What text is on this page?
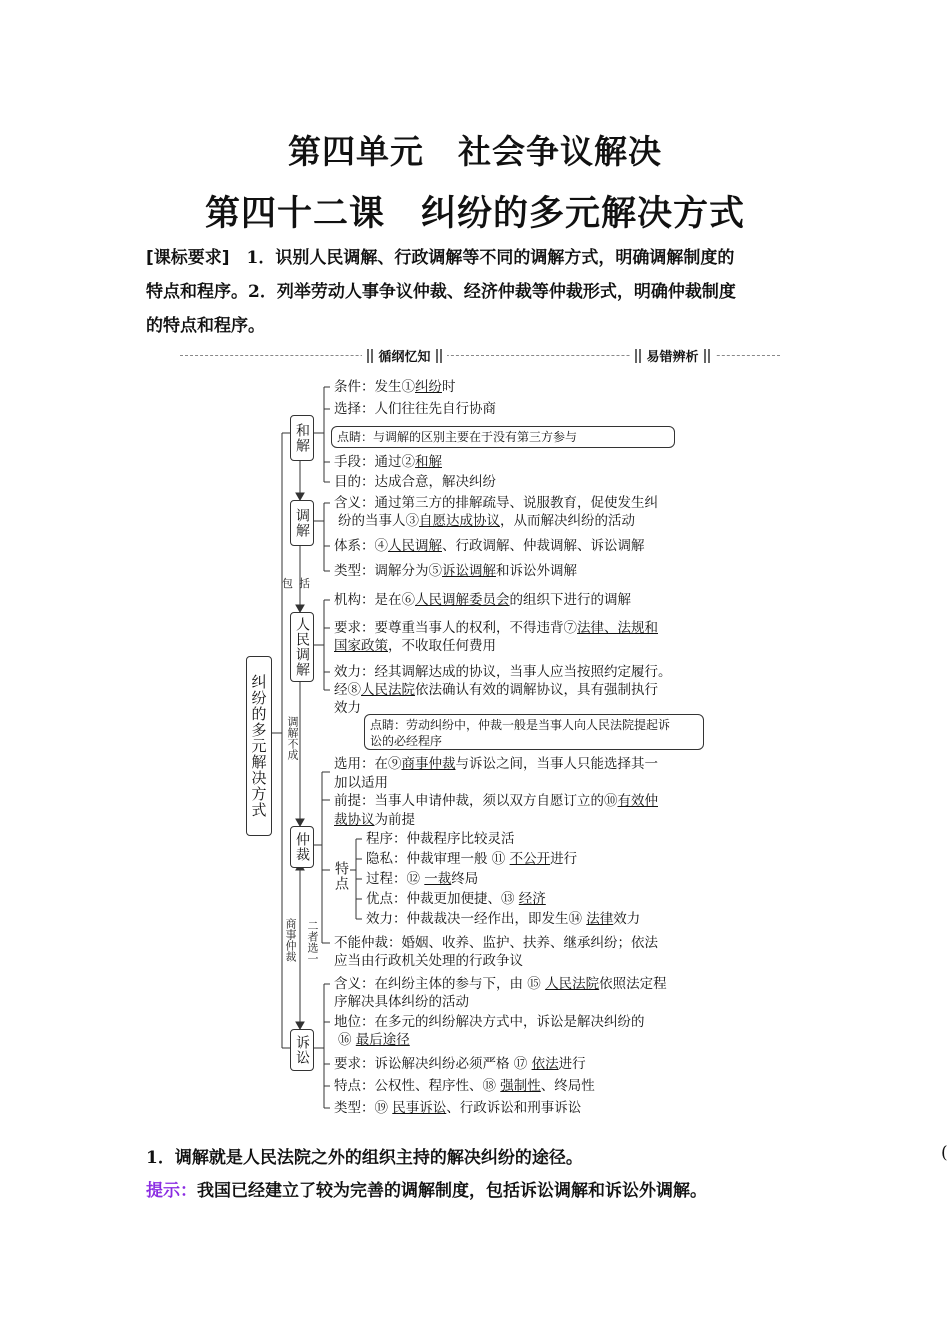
第四单元　社会争议解决
第四十二课　纠纷的多元解决方式
[课标要求]　1．识别人民调解、行政调解等不同的调解方式，明确调解制度的
特点和程序。2．列举劳动人事争议仲裁、经济仲裁等仲裁形式，明确仲裁制度
的特点和程序。
循纲忆知	易错辨析
纠纷的多元解决方式
和解
调解
人民调解
仲裁
诉讼
特点
包括
调解不成
商事仲裁 二者选一
条件：发生①纠纷时
选择：人们往往先自行协商
点睛：与调解的区别主要在于没有第三方参与
手段：通过②和解
目的：达成合意，解决纠纷
含义：通过第三方的排解疏导、说服教育，促使发生纠
纷的当事人③自愿达成协议，从而解决纠纷的活动
体系：④人民调解、行政调解、仲裁调解、诉讼调解
类型：调解分为⑤诉讼调解和诉讼外调解
机构：是在⑥人民调解委员会的组织下进行的调解
要求：要尊重当事人的权利，不得违背⑦法律、法规和
国家政策，不收取任何费用
效力：经其调解达成的协议，当事人应当按照约定履行。
经⑧人民法院依法确认有效的调解协议，具有强制执行
效力
点睛：劳动纠纷中，仲裁一般是当事人向人民法院提起诉
讼的必经程序
选用：在⑨商事仲裁与诉讼之间，当事人只能选择其一
加以适用
前提：当事人申请仲裁，须以双方自愿订立的⑩有效仲
裁协议为前提
程序：仲裁程序比较灵活
隐私：仲裁审理一般 ⑪ 不公开进行
过程：⑫ 一裁终局
优点：仲裁更加便捷、⑬ 经济
效力：仲裁裁决一经作出，即发生⑭ 法律效力
不能仲裁：婚姻、收养、监护、扶养、继承纠纷；依法
应当由行政机关处理的行政争议
含义：在纠纷主体的参与下，由 ⑮ 人民法院依照法定程
序解决具体纠纷的活动
地位：在多元的纠纷解决方式中，诉讼是解决纠纷的
⑯ 最后途径
要求：诉讼解决纠纷必须严格 ⑰ 依法进行
特点：公权性、程序性、⑱ 强制性、终局性
类型：⑲ 民事诉讼、行政诉讼和刑事诉讼
1．调解就是人民法院之外的组织主持的解决纠纷的途径。	(
提示：我国已经建立了较为完善的调解制度，包括诉讼调解和诉讼外调解。
